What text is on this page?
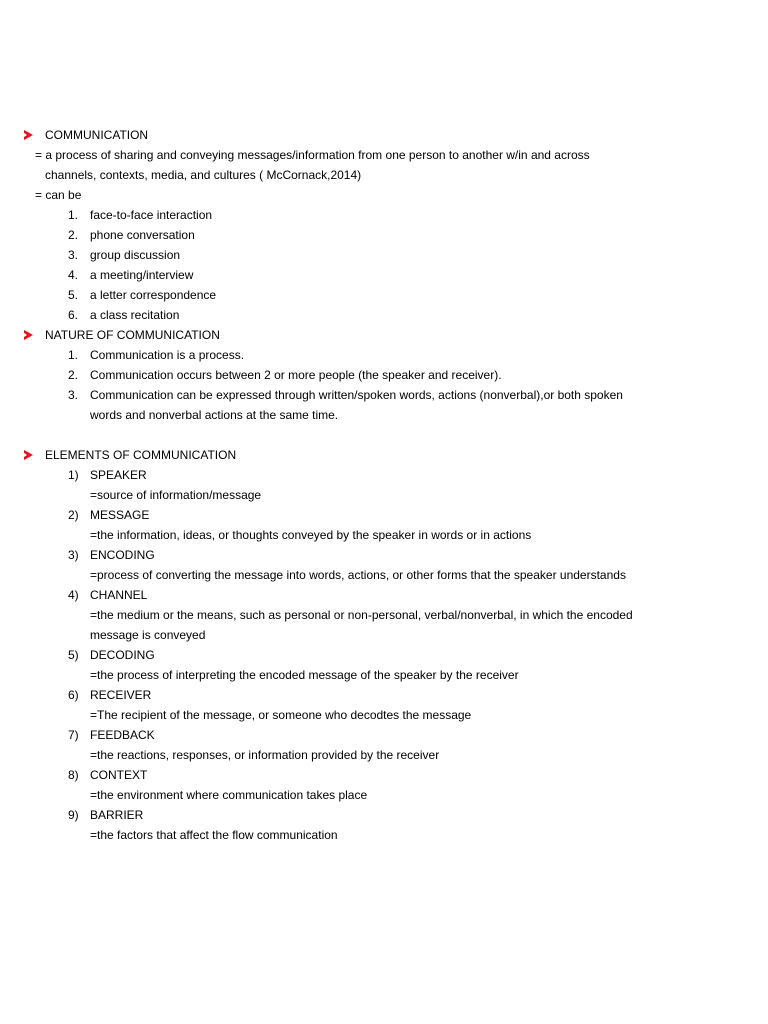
COMMUNICATION
= a process of sharing and conveying messages/information from one person to another w/in and across
channels, contexts, media, and cultures ( McCornack,2014)
= can be
1. face-to-face interaction
2. phone conversation
3. group discussion
4. a meeting/interview
5. a letter correspondence
6. a class recitation
NATURE OF COMMUNICATION
1. Communication is a process.
2. Communication occurs between 2 or more people (the speaker and receiver).
3. Communication can be expressed through written/spoken words, actions (nonverbal),or both spoken
words and nonverbal actions at the same time.
ELEMENTS OF COMMUNICATION
1) SPEAKER
=source of information/message
2) MESSAGE
=the information, ideas, or thoughts conveyed by the speaker in words or in actions
3) ENCODING
=process of converting the message into words, actions, or other forms that the speaker understands
4) CHANNEL
=the medium or the means, such as personal or non-personal, verbal/nonverbal, in which the encoded
message is conveyed
5) DECODING
=the process of interpreting the encoded message of the speaker by the receiver
6) RECEIVER
=The recipient of the message, or someone who decodtes the message
7) FEEDBACK
=the reactions, responses, or information provided by the receiver
8) CONTEXT
=the environment where communication takes place
9) BARRIER
=the factors that affect the flow communication
